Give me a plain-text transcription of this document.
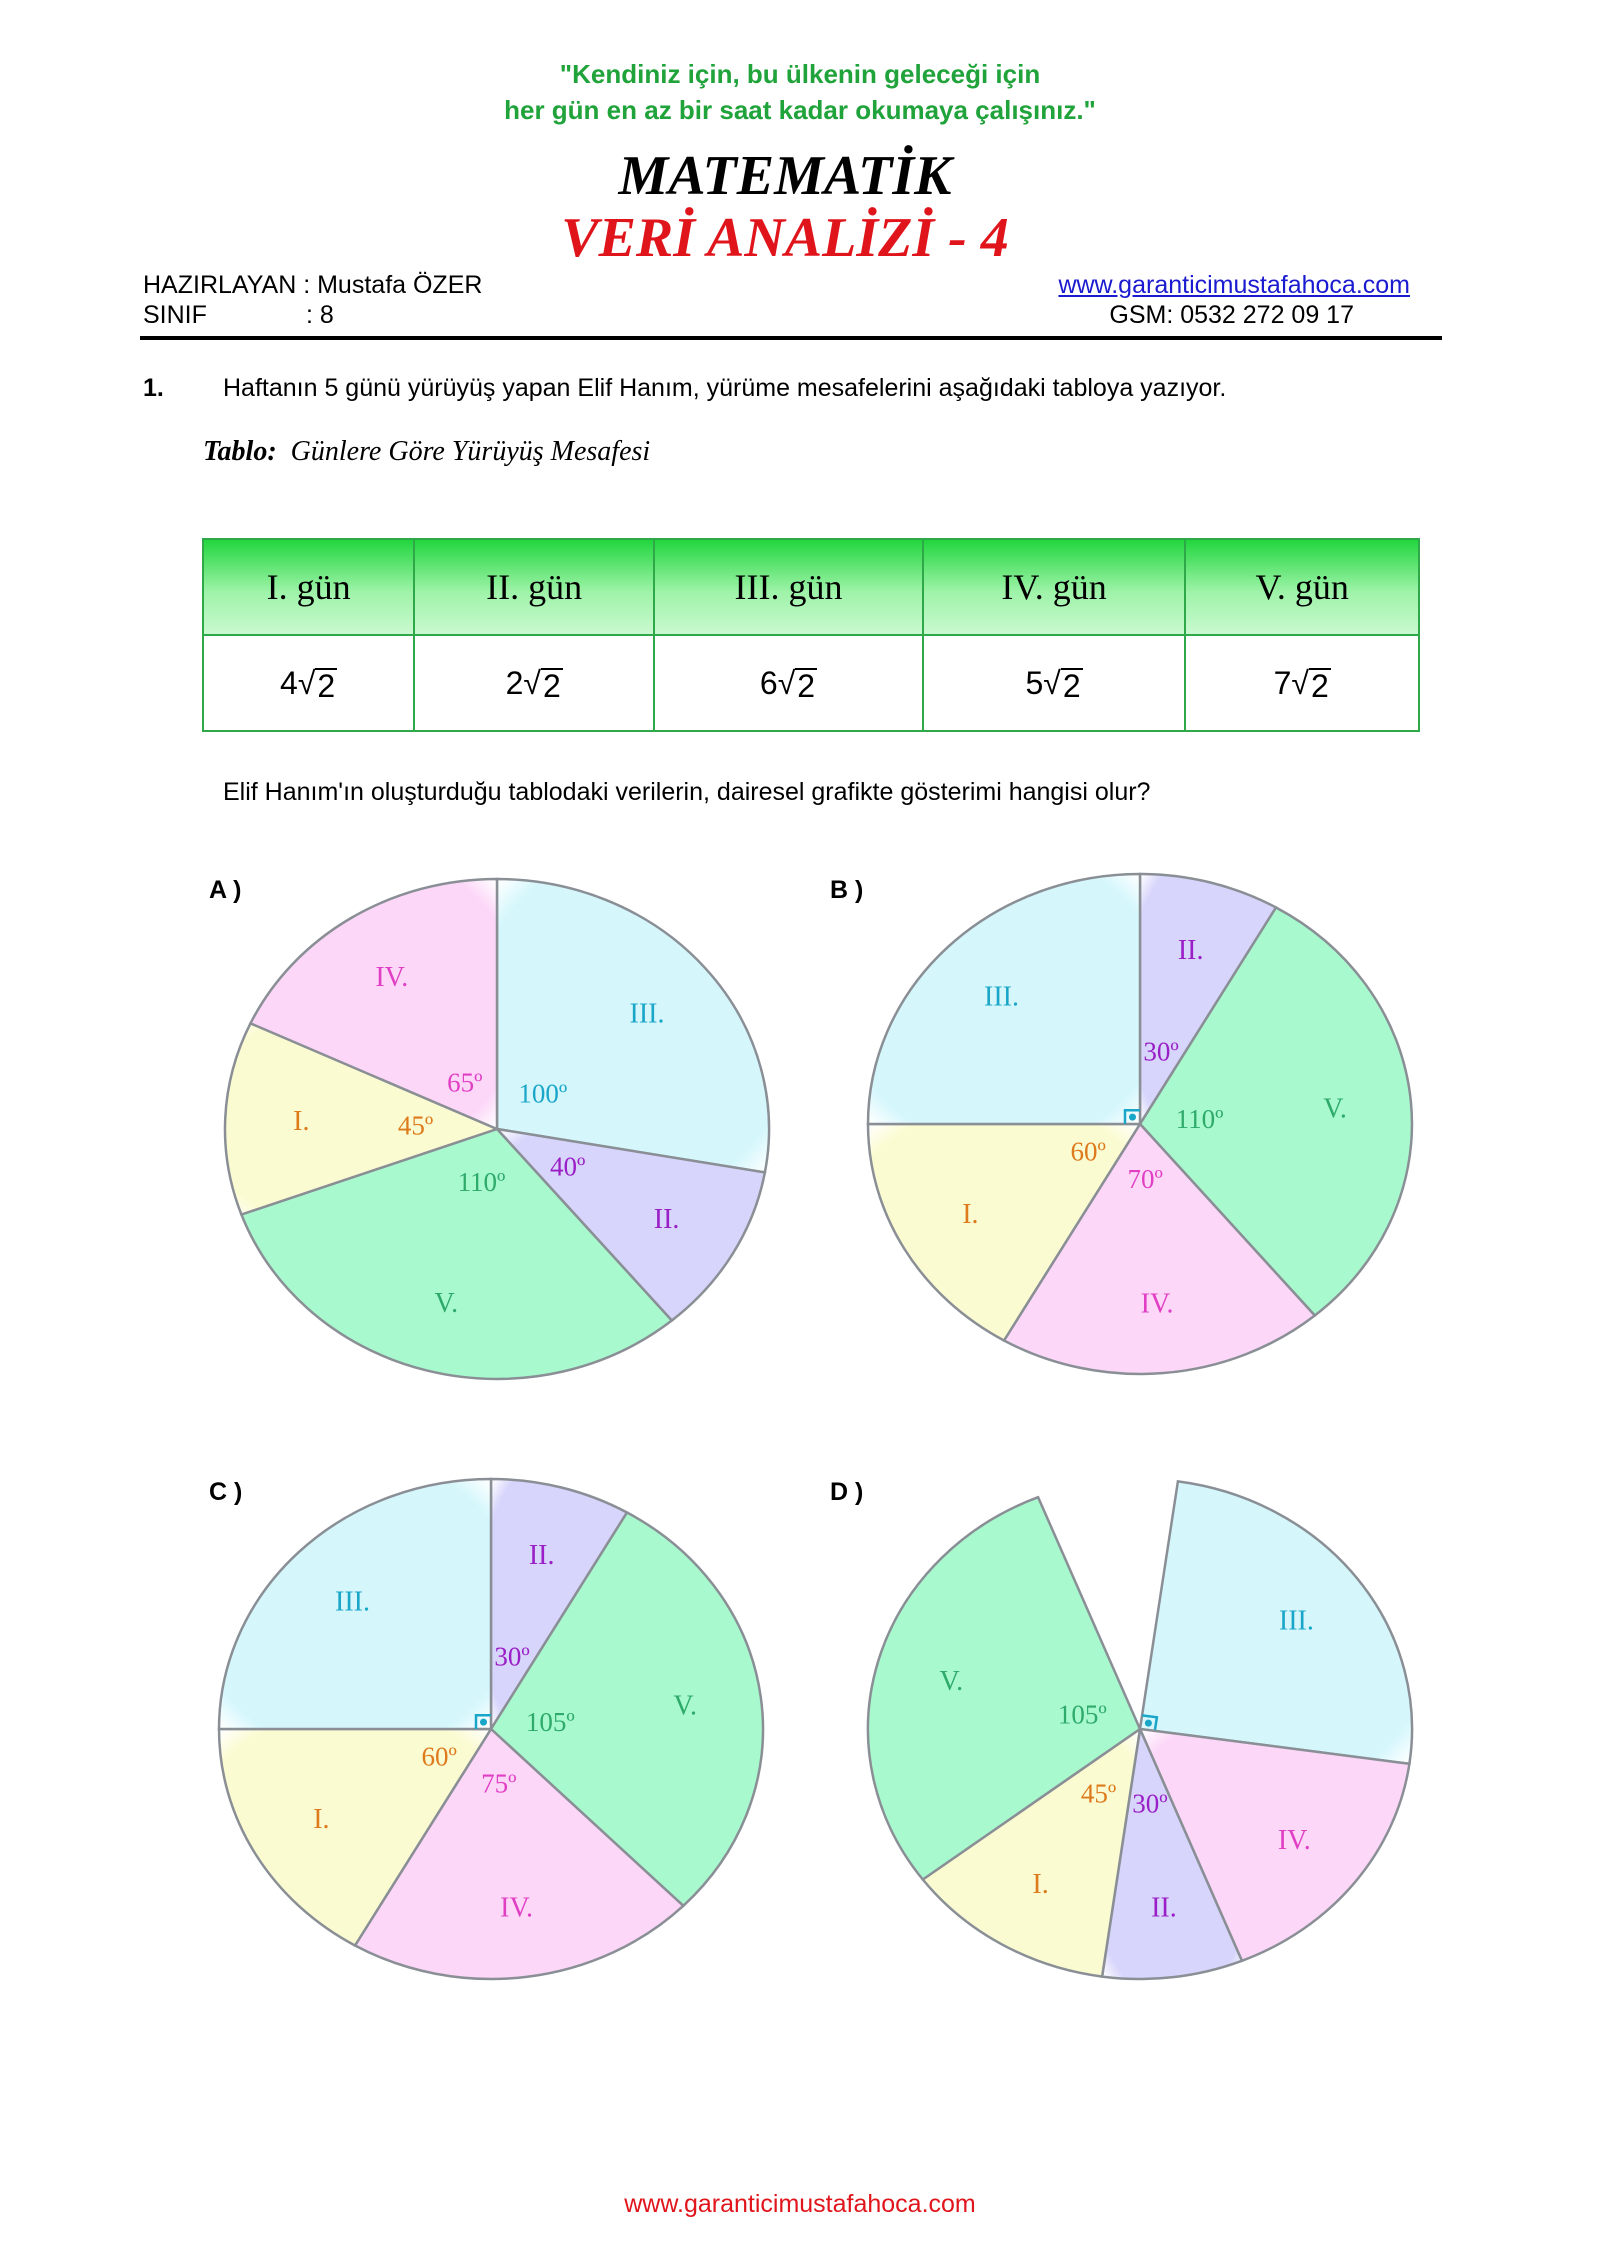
"Kendiniz için, bu ülkenin geleceği için
her gün en az bir saat kadar okumaya çalışınız."
MATEMATİK
VERİ ANALİZİ - 4
HAZIRLAYAN : Mustafa ÖZER
SINIF	: 8
www.garanticimustafahoca.com
GSM: 0532 272 09 17
1. Haftanın 5 günü yürüyüş yapan Elif Hanım, yürüme mesafelerini aşağıdaki tabloya yazıyor.
Tablo: Günlere Göre Yürüyüş Mesafesi
I. gün	II. gün	III. gün	IV. gün	V. gün

4 √ 2	2 √ 2	6 √ 2	5 √ 2	7 √ 2
Elif Hanım'ın oluşturduğu tablodaki verilerin, dairesel grafikte gösterimi hangisi olur?
A )	B )
C )	D )
III.
100º
II.
40º
V.
110º
I.	45º
IV.
65º
II.
30º
V.
110º
IV.
70º
I.
60º
III.
II.
30º
V.
105º
IV.
75º
I.
60º
III.
III.
IV.
II.
30º
I.
45º
V.
105º
www.garanticimustafahoca.com
